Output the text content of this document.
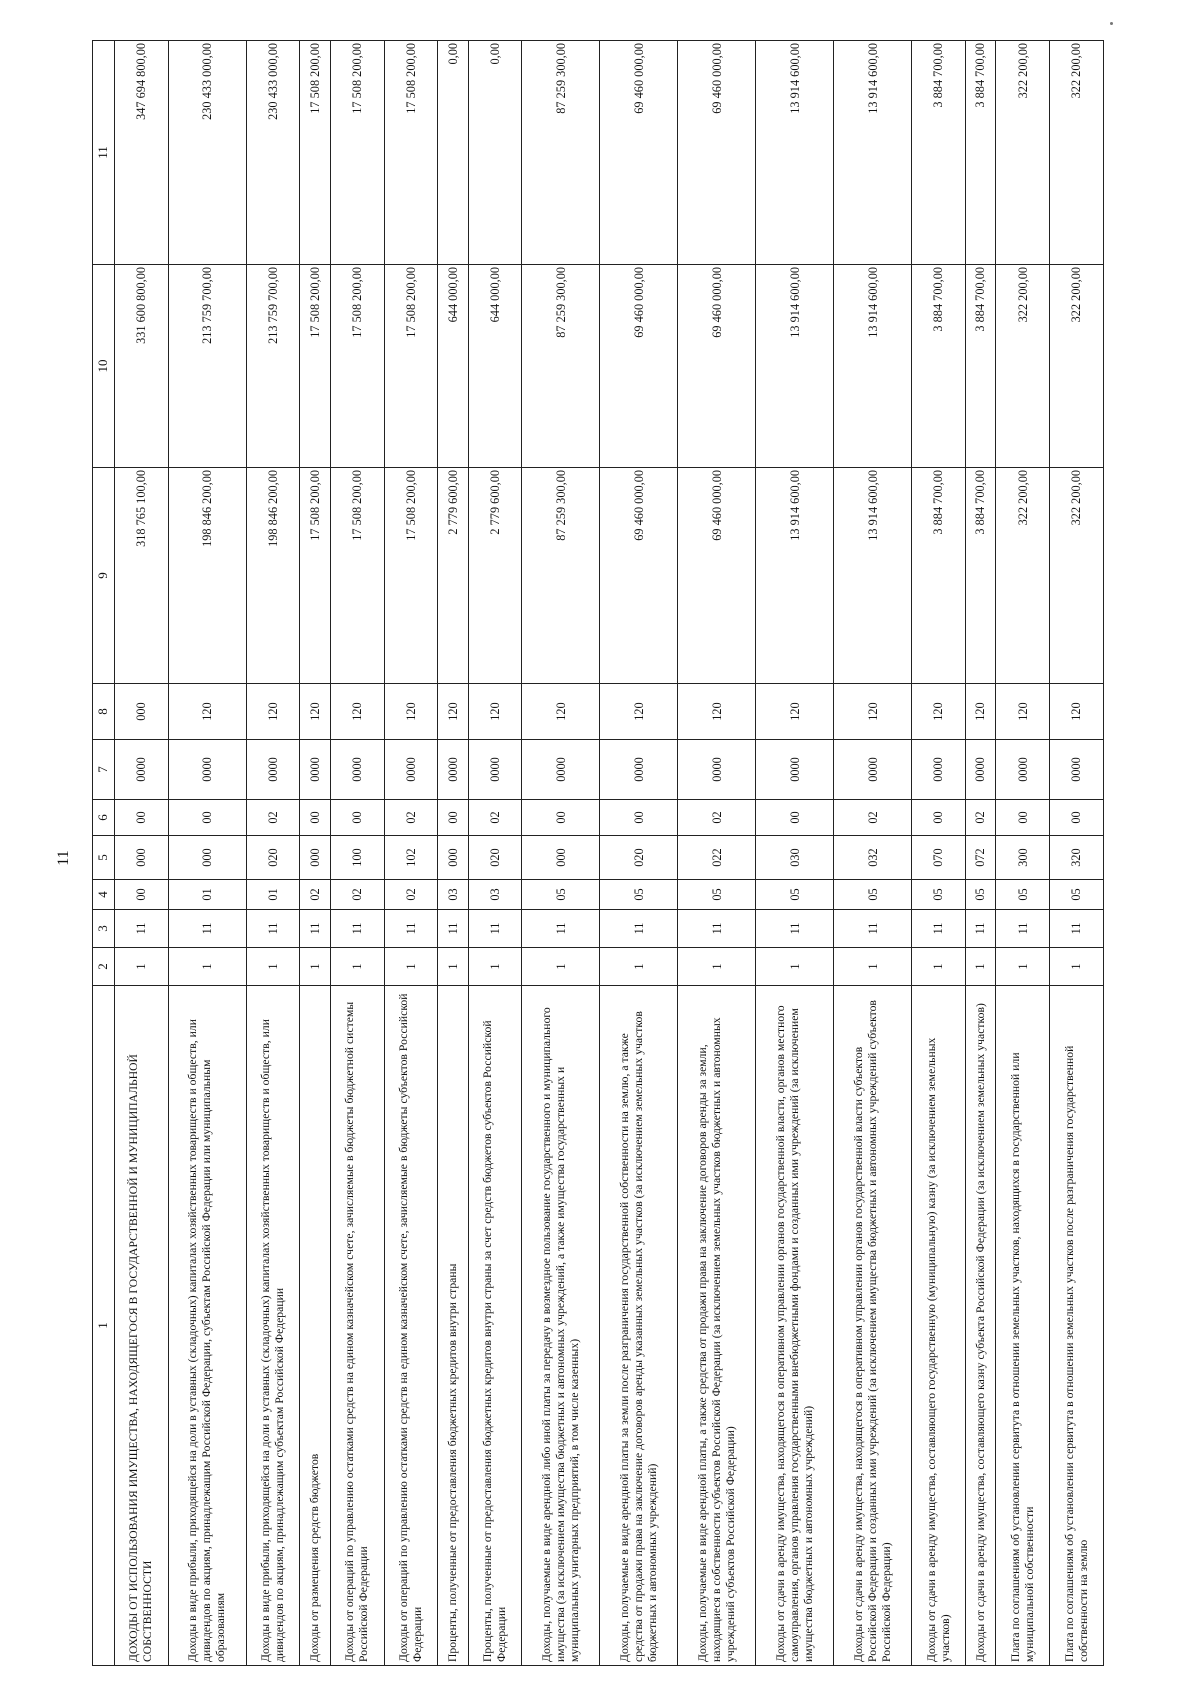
11
1	2	3	4	5	6	7	8	9	10	11
ДОХОДЫ ОТ ИСПОЛЬЗОВАНИЯ ИМУЩЕСТВА, НАХОДЯЩЕГОСЯ В ГОСУДАРСТВЕННОЙ И МУНИЦИПАЛЬНОЙ СОБСТВЕННОСТИ	1	11	00	000	00	0000	000	318 765 100,00	331 600 800,00	347 694 800,00
Доходы в виде прибыли, приходящейся на доли в уставных (складочных) капиталах хозяйственных товариществ и обществ, или дивидендов по акциям, принадлежащим Российской Федерации, субъектам Российской Федерации или муниципальным образованиям	1	11	01	000	00	0000	120	198 846 200,00	213 759 700,00	230 433 000,00
Доходы в виде прибыли, приходящейся на доли в уставных (складочных) капиталах хозяйственных товариществ и обществ, или дивидендов по акциям, принадлежащим субъектам Российской Федерации	1	11	01	020	02	0000	120	198 846 200,00	213 759 700,00	230 433 000,00
Доходы от размещения средств бюджетов	1	11	02	000	00	0000	120	17 508 200,00	17 508 200,00	17 508 200,00
Доходы от операций по управлению остатками средств на едином казначейском счете, зачисляемые в бюджеты бюджетной системы Российской Федерации	1	11	02	100	00	0000	120	17 508 200,00	17 508 200,00	17 508 200,00
Доходы от операций по управлению остатками средств на едином казначейском счете, зачисляемые в бюджеты субъектов Российской Федерации	1	11	02	102	02	0000	120	17 508 200,00	17 508 200,00	17 508 200,00
Проценты, полученные от предоставления бюджетных кредитов внутри страны	1	11	03	000	00	0000	120	2 779 600,00	644 000,00	0,00
Проценты, полученные от предоставления бюджетных кредитов внутри страны за счет средств бюджетов субъектов Российской Федерации	1	11	03	020	02	0000	120	2 779 600,00	644 000,00	0,00
Доходы, получаемые в виде арендной либо иной платы за передачу в возмездное пользование государственного и муниципального имущества (за исключением имущества бюджетных и автономных учреждений, а также имущества государственных и муниципальных унитарных предприятий, в том числе казенных)	1	11	05	000	00	0000	120	87 259 300,00	87 259 300,00	87 259 300,00
Доходы, получаемые в виде арендной платы за земли после разграничения государственной собственности на землю, а также средства от продажи права на заключение договоров аренды указанных земельных участков (за исключением земельных участков бюджетных и автономных учреждений)	1	11	05	020	00	0000	120	69 460 000,00	69 460 000,00	69 460 000,00
Доходы, получаемые в виде арендной платы, а также средства от продажи права на заключение договоров аренды за земли, находящиеся в собственности субъектов Российской Федерации (за исключением земельных участков бюджетных и автономных учреждений субъектов Российской Федерации)	1	11	05	022	02	0000	120	69 460 000,00	69 460 000,00	69 460 000,00
Доходы от сдачи в аренду имущества, находящегося в оперативном управлении органов государственной власти, органов местного самоуправления, органов управления государственными внебюджетными фондами и созданных ими учреждений (за исключением имущества бюджетных и автономных учреждений)	1	11	05	030	00	0000	120	13 914 600,00	13 914 600,00	13 914 600,00
Доходы от сдачи в аренду имущества, находящегося в оперативном управлении органов государственной власти субъектов Российской Федерации и созданных ими учреждений (за исключением имущества бюджетных и автономных учреждений субъектов Российской Федерации)	1	11	05	032	02	0000	120	13 914 600,00	13 914 600,00	13 914 600,00
Доходы от сдачи в аренду имущества, составляющего государственную (муниципальную) казну (за исключением земельных участков)	1	11	05	070	00	0000	120	3 884 700,00	3 884 700,00	3 884 700,00
Доходы от сдачи в аренду имущества, составляющего казну субъекта Российской Федерации (за исключением земельных участков)	1	11	05	072	02	0000	120	3 884 700,00	3 884 700,00	3 884 700,00
Плата по соглашениям об установлении сервитута в отношении земельных участков, находящихся в государственной или муниципальной собственности	1	11	05	300	00	0000	120	322 200,00	322 200,00	322 200,00
Плата по соглашениям об установлении сервитута в отношении земельных участков после разграничения государственной собственности на землю	1	11	05	320	00	0000	120	322 200,00	322 200,00	322 200,00
